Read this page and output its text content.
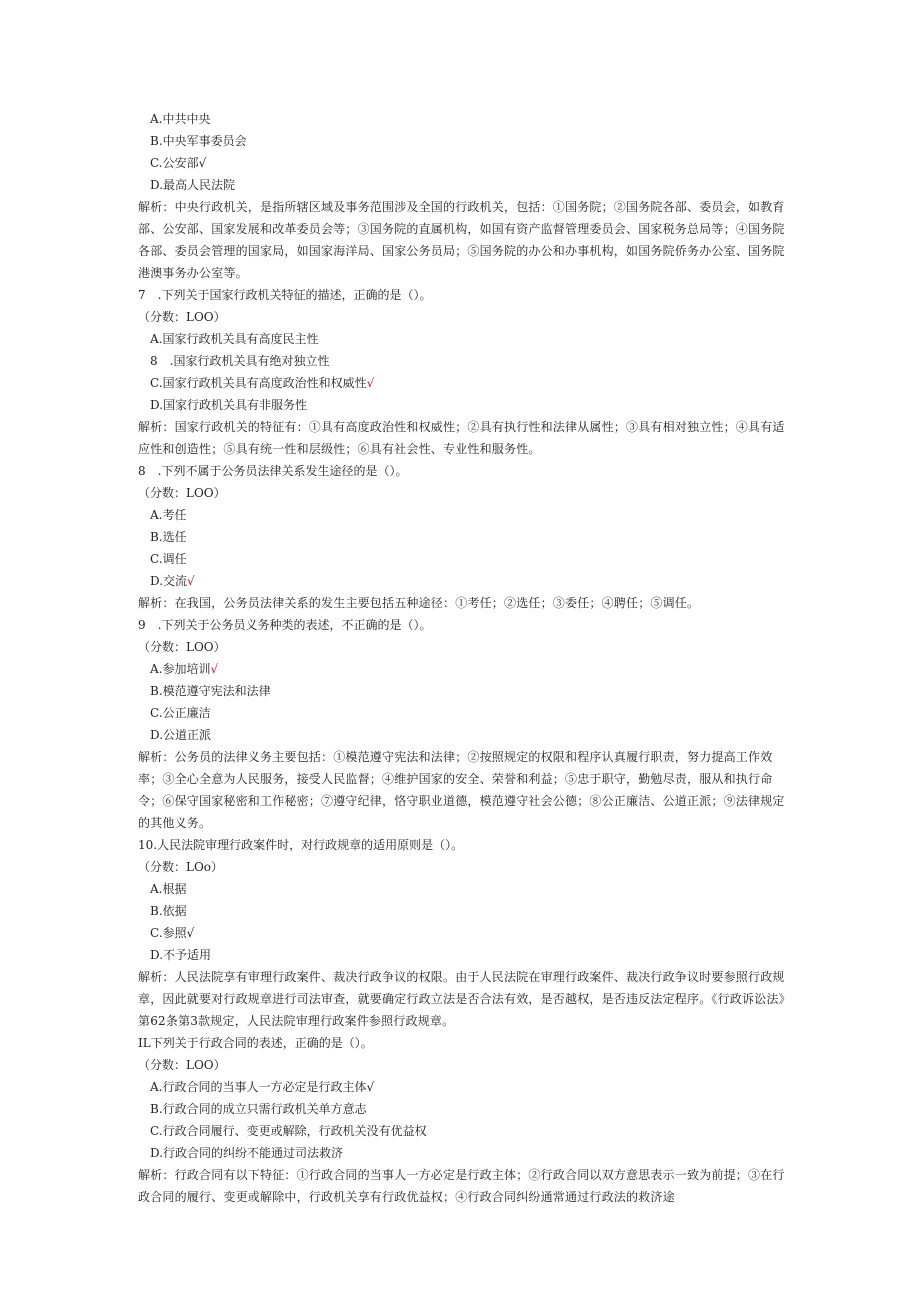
A.中共中央
B.中央军事委员会
C.公安部√
D.最高人民法院
解析：中央行政机关，是指所辖区域及事务范围涉及全国的行政机关，包括：①国务院；②国务院各部、委员会，如教育部、公安部、国家发展和改革委员会等；③国务院的直属机构，如国有资产监督管理委员会、国家税务总局等；④国务院各部、委员会管理的国家局，如国家海洋局、国家公务员局；⑤国务院的办公和办事机构，如国务院侨务办公室、国务院港澳事务办公室等。
7　.下列关于国家行政机关特征的描述，正确的是（）。
（分数：LOO）
A.国家行政机关具有高度民主性
8　.国家行政机关具有绝对独立性
C.国家行政机关具有高度政治性和权威性√
D.国家行政机关具有非服务性
解析：国家行政机关的特征有：①具有高度政治性和权威性；②具有执行性和法律从属性；③具有相对独立性；④具有适应性和创造性；⑤具有统一性和层级性；⑥具有社会性、专业性和服务性。
8　.下列不属于公务员法律关系发生途径的是（）。
（分数：LOO）
A.考任
B.选任
C.调任
D.交流√
解析：在我国，公务员法律关系的发生主要包括五种途径：①考任；②选任；③委任；④聘任；⑤调任。
9　.下列关于公务员义务种类的表述，不正确的是（）。
（分数：LOO）
A.参加培训√
B.模范遵守宪法和法律
C.公正廉洁
D.公道正派
解析：公务员的法律义务主要包括：①模范遵守宪法和法律；②按照规定的权限和程序认真履行职责，努力提高工作效率；③全心全意为人民服务，接受人民监督；④维护国家的安全、荣誉和利益；⑤忠于职守，勤勉尽责，服从和执行命令；⑥保守国家秘密和工作秘密；⑦遵守纪律，恪守职业道德，模范遵守社会公德；⑧公正廉洁、公道正派；⑨法律规定的其他义务。
10.人民法院审理行政案件时，对行政规章的适用原则是（）。
（分数：LOo）
A.根据
B.依据
C.参照√
D.不予适用
解析：人民法院享有审理行政案件、裁决行政争议的权限。由于人民法院在审理行政案件、裁决行政争议时要参照行政规章，因此就要对行政规章进行司法审查，就要确定行政立法是否合法有效，是否越权，是否违反法定程序。《行政诉讼法》第62条第3款规定，人民法院审理行政案件参照行政规章。
IL下列关于行政合同的表述，正确的是（）。
（分数：LOO）
A.行政合同的当事人一方必定是行政主体√
B.行政合同的成立只需行政机关单方意志
C.行政合同履行、变更或解除，行政机关没有优益权
D.行政合同的纠纷不能通过司法救济
解析：行政合同有以下特征：①行政合同的当事人一方必定是行政主体；②行政合同以双方意思表示一致为前提；③在行政合同的履行、变更或解除中，行政机关享有行政优益权；④行政合同纠纷通常通过行政法的救济途
